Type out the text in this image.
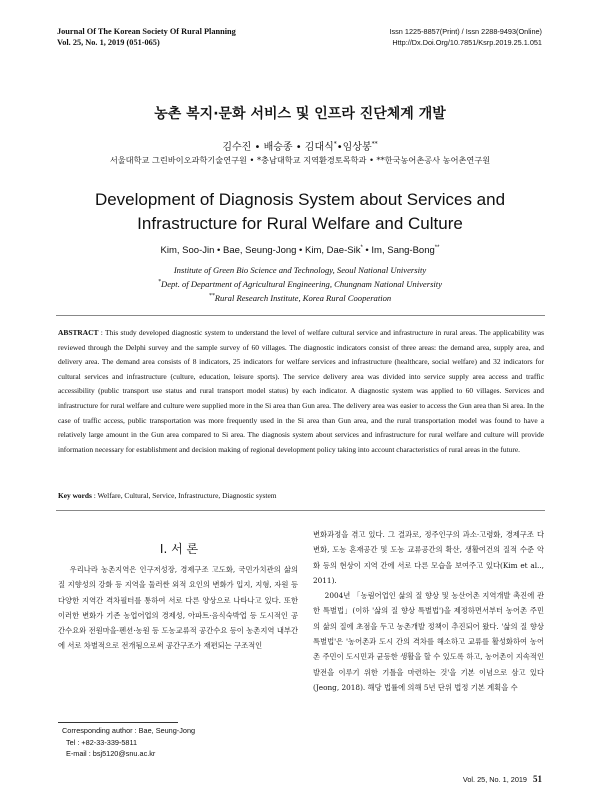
Journal Of The Korean Society Of Rural Planning
Vol. 25, No. 1, 2019 (051-065)
Issn 1225-8857(Print) / Issn 2288-9493(Online)
Http://Dx.Doi.Org/10.7851/Ksrp.2019.25.1.051
농촌 복지·문화 서비스 및 인프라 진단체계 개발
김수진 • 배승종 • 김대식*•임상봉**
서울대학교 그린바이오과학기술연구원 • *충남대학교 지역환경토목학과 • **한국농어촌공사 농어촌연구원
Development of Diagnosis System about Services and
Infrastructure for Rural Welfare and Culture
Kim, Soo-Jin • Bae, Seung-Jong • Kim, Dae-Sik* • Im, Sang-Bong**
Institute of Green Bio Science and Technology, Seoul National University
*Dept. of Department of Agricultural Engineering, Chungnam National University
**Rural Research Institute, Korea Rural Cooperation
ABSTRACT : This study developed diagnostic system to understand the level of welfare cultural service and infrastructure in rural areas. The applicability was reviewed through the Delphi survey and the sample survey of 60 villages. The diagnostic indicators consist of three areas: the demand area, supply area, and delivery area. The demand area consists of 8 indicators, 25 indicators for welfare services and infrastructure (healthcare, social welfare) and 32 indicators for cultural services and infrastructure (culture, education, leisure sports). The service delivery area was divided into service supply area access and traffic accessibility (public transport use status and rural transport model status) by each indicator. A diagnostic system was applied to 60 villages. Services and infrastructure for rural welfare and culture were supplied more in the Si area than Gun area. The delivery area was easier to access the Gun area than Si area. In the case of traffic access, public transportation was more frequently used in the Si area than Gun area, and the rural transportation model was found to have a relatively large amount in the Gun area compared to Si area. The diagnosis system about services and infrastructure for rural welfare and culture will provide information necessary for establishment and decision making of regional development policy taking into account characteristics of rural areas in the future.
Key words : Welfare, Cultural, Service, Infrastructure, Diagnostic system
Ⅰ. 서 론

우리나라 농촌지역은 인구저성장, 경제구조 고도화, 국민가치관의 삶의 질 지향성의 강화 등 지역을 둘러싼 외적 요인의 변화가 입지, 지형, 자원 등 다양한 지역간 격차필터를 통하여 서로 다른 양상으로 나타나고 있다. 또한 이러한 변화가 기존 농업어업의 경제성, 아파트·음식숙박업 등 도시적인 공간수요와 전원마을·펜션·농원 등 도농교류적 공간수요 등이 농촌지역 내부간에 서로 차별적으로 전개됨으로써 공간구조가 재편되는 구조적인

변화과정을 겪고 있다. 그 결과로, 정주인구의 과소·고령화, 경제구조 다변화, 도농 혼재공간 및 도농 교류공간의 확산, 생활여건의 질적 수준 악화 등의 현상이 지역 간에 서로 다른 모습을 보여주고 있다(Kim et al.., 2011).

2004년 「농림어업인 삶의 질 향상 및 농산어촌 지역개발 촉진에 관한 특별법」(이하 '삶의 질 향상 특별법')을 제정하면서부터 농어촌 주민의 삶의 질에 초점을 두고 농촌개발 정책이 추진되어 왔다. '삶의 질 향상 특별법'은 '농어촌과 도시 간의 격차를 해소하고 교류를 활성화하여 농어촌 주민이 도시민과 균등한 생활을 할 수 있도록 하고, 농어촌이 지속적인 발전을 이루기 위한 기틀을 마련하는 것'을 기본 이념으로 삼고 있다(Jeong, 2018). 해당 법률에 의해 5년 단위 법정 기본 계획을 수

Corresponding author : Bae, Seung-Jong
Tel : +82-33-339-5811
E-mail : bsj5120@snu.ac.kr
Vol. 25, No. 1, 2019 51
